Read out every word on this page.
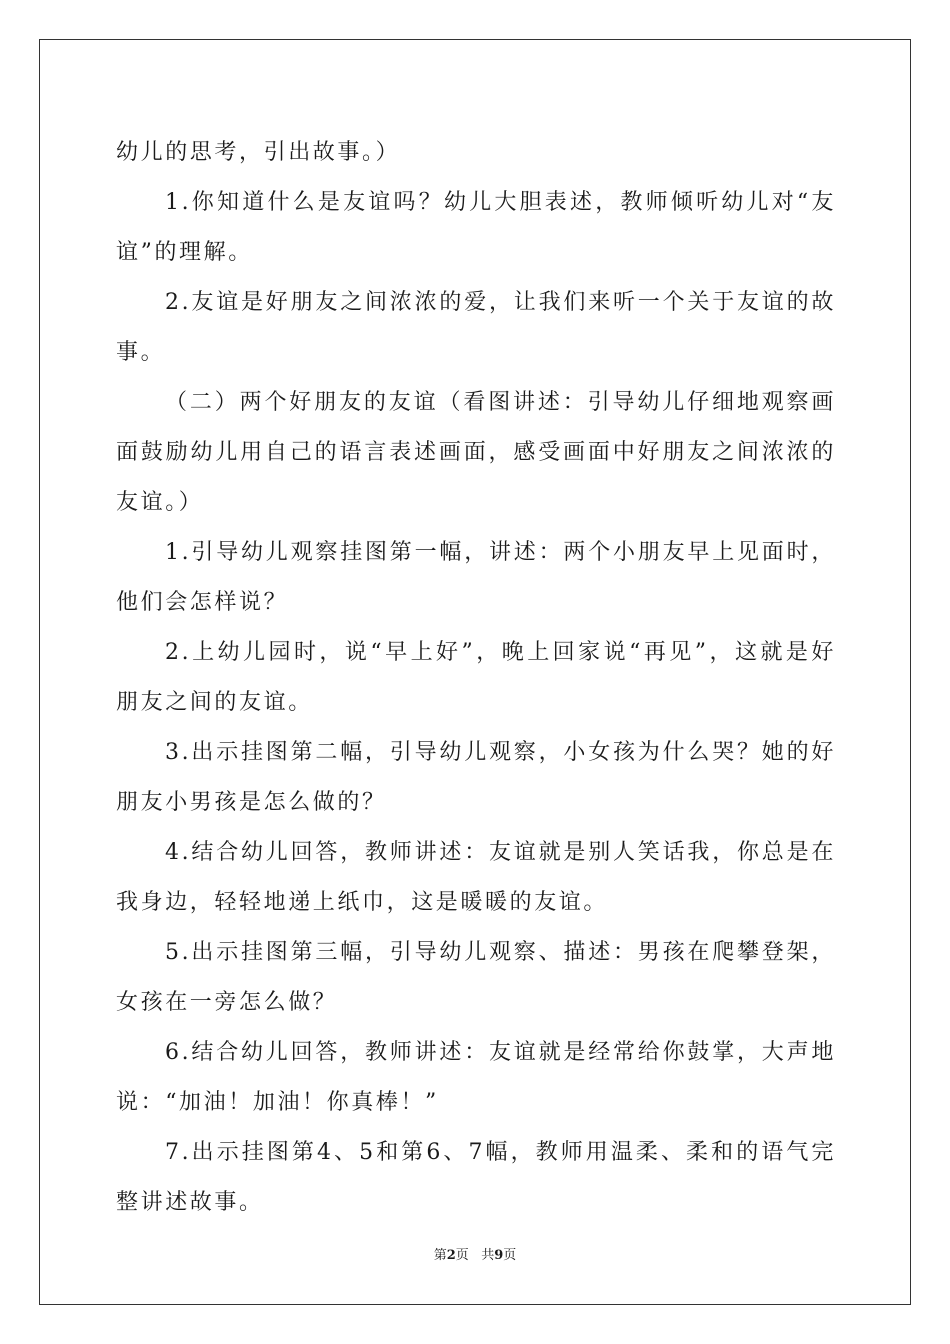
幼儿的思考，引出故事。）

1.你知道什么是友谊吗？幼儿大胆表述，教师倾听幼儿对“友谊”的理解。

2.友谊是好朋友之间浓浓的爱，让我们来听一个关于友谊的故事。

（二）两个好朋友的友谊（看图讲述：引导幼儿仔细地观察画面鼓励幼儿用自己的语言表述画面，感受画面中好朋友之间浓浓的友谊。）

1.引导幼儿观察挂图第一幅，讲述：两个小朋友早上见面时，他们会怎样说？

2.上幼儿园时，说“早上好”，晚上回家说“再见”，这就是好朋友之间的友谊。

3.出示挂图第二幅，引导幼儿观察，小女孩为什么哭？她的好朋友小男孩是怎么做的？

4.结合幼儿回答，教师讲述：友谊就是别人笑话我，你总是在我身边，轻轻地递上纸巾，这是暖暖的友谊。

5.出示挂图第三幅，引导幼儿观察、描述：男孩在爬攀登架，女孩在一旁怎么做？

6.结合幼儿回答，教师讲述：友谊就是经常给你鼓掌，大声地说：“加油！加油！你真棒！”

7.出示挂图第4、5和第6、7幅，教师用温柔、柔和的语气完整讲述故事。

第2页 共9页
